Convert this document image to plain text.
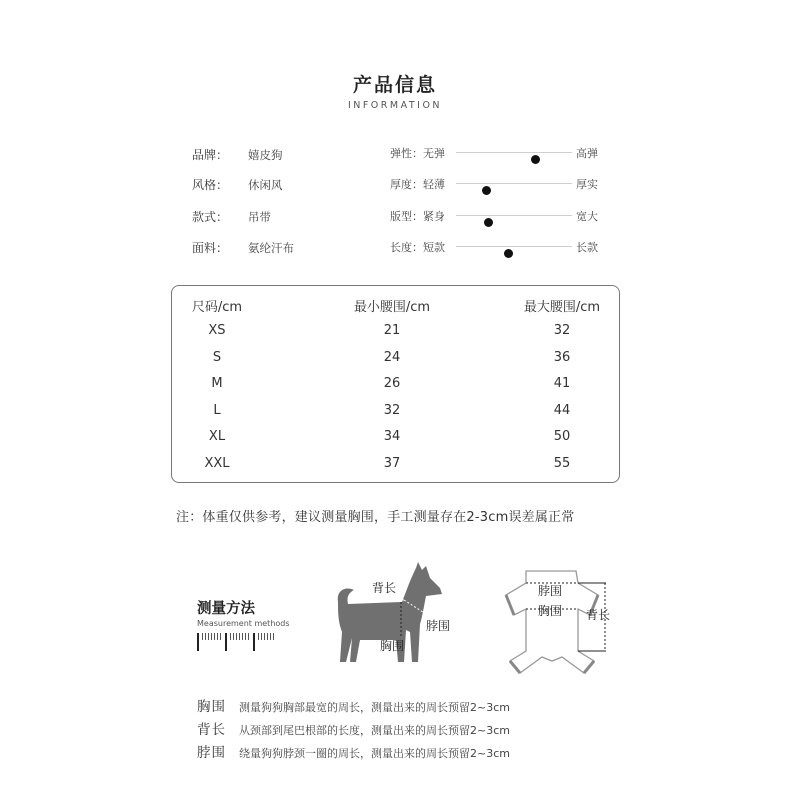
产品信息
INFORMATION
品牌： 嬉皮狗
风格： 休闲风
款式： 吊带
面料： 氨纶汗布
弹性：无弹	高弹
厚度：轻薄	厚实
版型：紧身	宽大
长度：短款	长款
尺码/cm	最小腰围/cm	最大腰围/cm
XS	21	32
S	24	36
M	26	41
L	32	44
XL	34	50
XXL	37	55
注：体重仅供参考，建议测量胸围，手工测量存在2-3cm误差属正常
测量方法
Measurement methods
背长
脖围
胸围
脖围
胸围 背长
胸围 测量狗狗胸部最宽的周长，测量出来的周长预留2~3cm
背长 从颈部到尾巴根部的长度，测量出来的周长预留2~3cm
脖围 绕量狗狗脖颈一圈的周长，测量出来的周长预留2~3cm
